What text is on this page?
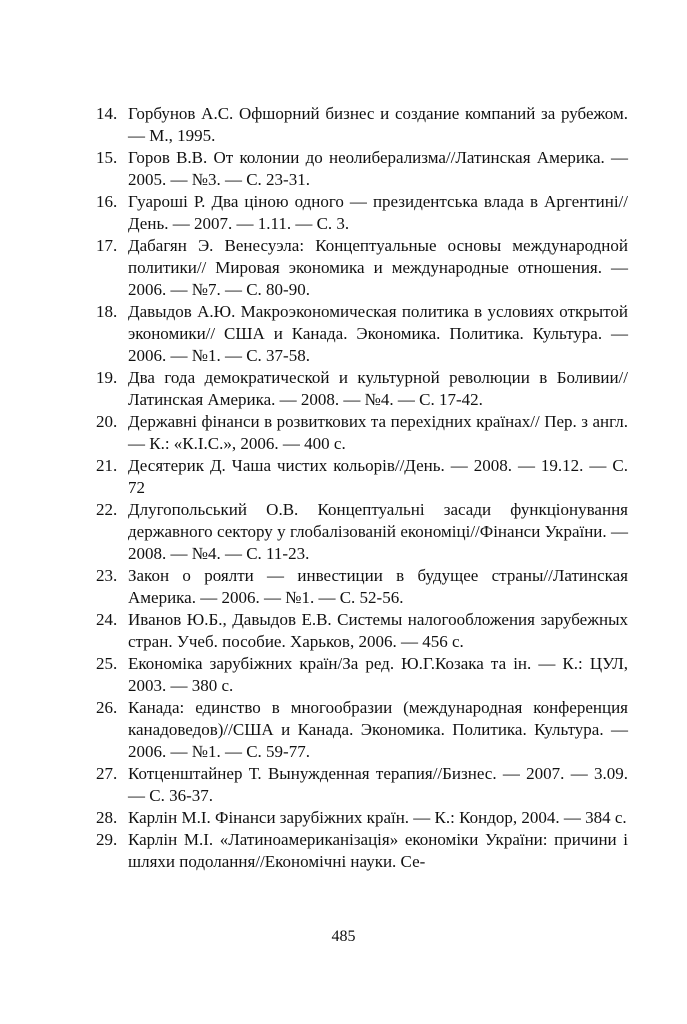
14. Горбунов А.С. Офшорний бизнес и создание компаний за рубежом. — М., 1995.
15. Горов В.В. От колонии до неолиберализма//Латинская Америка. — 2005. — №3. — С. 23-31.
16. Гуароші Р. Два ціною одного — президентська влада в Аргентині//День. — 2007. — 1.11. — С. 3.
17. Дабагян Э. Венесуэла: Концептуальные основы международной политики// Мировая экономика и международные отношения. — 2006. — №7. — С. 80-90.
18. Давыдов А.Ю. Макроэкономическая политика в условиях открытой экономики// США и Канада. Экономика. Политика. Культура. — 2006. — №1. — С. 37-58.
19. Два года демократической и культурной революции в Боливии//Латинская Америка. — 2008. — №4. — С. 17-42.
20. Державні фінанси в розвиткових та перехідних країнах// Пер. з англ. — К.: «К.І.С.», 2006. — 400 с.
21. Десятерик Д. Чаша чистих кольорів//День. — 2008. — 19.12. — С. 72
22. Длугопольський О.В. Концептуальні засади функціонування державного сектору у глобалізованій економіці//Фінанси України. — 2008. — №4. — С. 11-23.
23. Закон о роялти — инвестиции в будущее страны//Латинская Америка. — 2006. — №1. — С. 52-56.
24. Иванов Ю.Б., Давыдов Е.В. Системы налогообложения зарубежных стран. Учеб. пособие. Харьков, 2006. — 456 с.
25. Економіка зарубіжних країн/За ред. Ю.Г.Козака та ін. — К.: ЦУЛ, 2003. — 380 с.
26. Канада: единство в многообразии (международная конференция канадоведов)//США и Канада. Экономика. Политика. Культура. — 2006. — №1. — С. 59-77.
27. Котценштайнер Т. Вынужденная терапия//Бизнес. — 2007. — 3.09. — С. 36-37.
28. Карлін М.І. Фінанси зарубіжних країн. — К.: Кондор, 2004. — 384 с.
29. Карлін М.І. «Латиноамериканізація» економіки України: причини і шляхи подолання//Економічні науки. Се-
485
